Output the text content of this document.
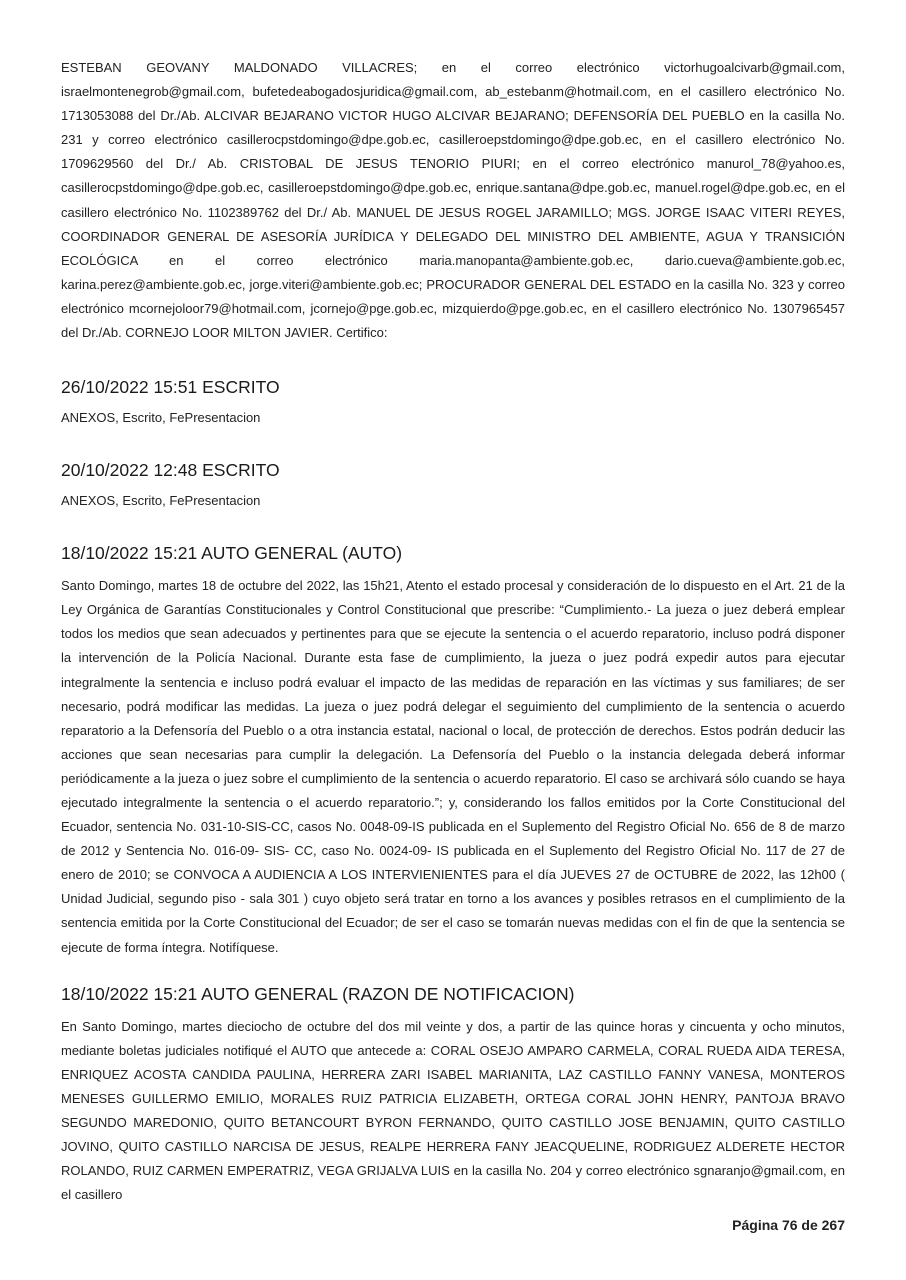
ESTEBAN GEOVANY MALDONADO VILLACRES; en el correo electrónico victorhugoalcivarb@gmail.com, israelmontenegrob@gmail.com, bufetedeabogadosjuridica@gmail.com, ab_estebanm@hotmail.com, en el casillero electrónico No. 1713053088 del Dr./Ab. ALCIVAR BEJARANO VICTOR HUGO ALCIVAR BEJARANO; DEFENSORÍA DEL PUEBLO en la casilla No. 231 y correo electrónico casillerocpstdomingo@dpe.gob.ec, casilleroepstdomingo@dpe.gob.ec, en el casillero electrónico No. 1709629560 del Dr./ Ab. CRISTOBAL DE JESUS TENORIO PIURI; en el correo electrónico manurol_78@yahoo.es, casillerocpstdomingo@dpe.gob.ec, casilleroepstdomingo@dpe.gob.ec, enrique.santana@dpe.gob.ec, manuel.rogel@dpe.gob.ec, en el casillero electrónico No. 1102389762 del Dr./ Ab. MANUEL DE JESUS ROGEL JARAMILLO; MGS. JORGE ISAAC VITERI REYES, COORDINADOR GENERAL DE ASESORÍA JURÍDICA Y DELEGADO DEL MINISTRO DEL AMBIENTE, AGUA Y TRANSICIÓN ECOLÓGICA en el correo electrónico maria.manopanta@ambiente.gob.ec, dario.cueva@ambiente.gob.ec, karina.perez@ambiente.gob.ec, jorge.viteri@ambiente.gob.ec; PROCURADOR GENERAL DEL ESTADO en la casilla No. 323 y correo electrónico mcornejoloor79@hotmail.com, jcornejo@pge.gob.ec, mizquierdo@pge.gob.ec, en el casillero electrónico No. 1307965457 del Dr./Ab. CORNEJO LOOR MILTON JAVIER. Certifico:

26/10/2022 15:51 ESCRITO
ANEXOS, Escrito, FePresentacion
20/10/2022 12:48 ESCRITO
ANEXOS, Escrito, FePresentacion
18/10/2022 15:21 AUTO GENERAL (AUTO)

Santo Domingo, martes 18 de octubre del 2022, las 15h21, Atento el estado procesal y consideración de lo dispuesto en el Art. 21 de la Ley Orgánica de Garantías Constitucionales y Control Constitucional que prescribe: “Cumplimiento.- La jueza o juez deberá emplear todos los medios que sean adecuados y pertinentes para que se ejecute la sentencia o el acuerdo reparatorio, incluso podrá disponer la intervención de la Policía Nacional. Durante esta fase de cumplimiento, la jueza o juez podrá expedir autos para ejecutar integralmente la sentencia e incluso podrá evaluar el impacto de las medidas de reparación en las víctimas y sus familiares; de ser necesario, podrá modificar las medidas. La jueza o juez podrá delegar el seguimiento del cumplimiento de la sentencia o acuerdo reparatorio a la Defensoría del Pueblo o a otra instancia estatal, nacional o local, de protección de derechos. Estos podrán deducir las acciones que sean necesarias para cumplir la delegación. La Defensoría del Pueblo o la instancia delegada deberá informar periódicamente a la jueza o juez sobre el cumplimiento de la sentencia o acuerdo reparatorio. El caso se archivará sólo cuando se haya ejecutado integralmente la sentencia o el acuerdo reparatorio.”; y, considerando los fallos emitidos por la Corte Constitucional del Ecuador, sentencia No. 031-10-SIS-CC, casos No. 0048-09-IS publicada en el Suplemento del Registro Oficial No. 656 de 8 de marzo de 2012 y Sentencia No. 016-09- SIS- CC, caso No. 0024-09- IS publicada en el Suplemento del Registro Oficial No. 117 de 27 de enero de 2010; se CONVOCA A AUDIENCIA A LOS INTERVIENIENTES para el día JUEVES 27 de OCTUBRE de 2022, las 12h00 ( Unidad Judicial, segundo piso - sala 301 ) cuyo objeto será tratar en torno a los avances y posibles retrasos en el cumplimiento de la sentencia emitida por la Corte Constitucional del Ecuador; de ser el caso se tomarán nuevas medidas con el fin de que la sentencia se ejecute de forma íntegra. Notifíquese.

18/10/2022 15:21 AUTO GENERAL (RAZON DE NOTIFICACION)

En Santo Domingo, martes dieciocho de octubre del dos mil veinte y dos, a partir de las quince horas y cincuenta y ocho minutos, mediante boletas judiciales notifiqué el AUTO que antecede a: CORAL OSEJO AMPARO CARMELA, CORAL RUEDA AIDA TERESA, ENRIQUEZ ACOSTA CANDIDA PAULINA, HERRERA ZARI ISABEL MARIANITA, LAZ CASTILLO FANNY VANESA, MONTEROS MENESES GUILLERMO EMILIO, MORALES RUIZ PATRICIA ELIZABETH, ORTEGA CORAL JOHN HENRY, PANTOJA BRAVO SEGUNDO MAREDONIO, QUITO BETANCOURT BYRON FERNANDO, QUITO CASTILLO JOSE BENJAMIN, QUITO CASTILLO JOVINO, QUITO CASTILLO NARCISA DE JESUS, REALPE HERRERA FANY JEACQUELINE, RODRIGUEZ ALDERETE HECTOR ROLANDO, RUIZ CARMEN EMPERATRIZ, VEGA GRIJALVA LUIS en la casilla No. 204 y correo electrónico sgnaranjo@gmail.com, en el casillero

Página 76 de 267
